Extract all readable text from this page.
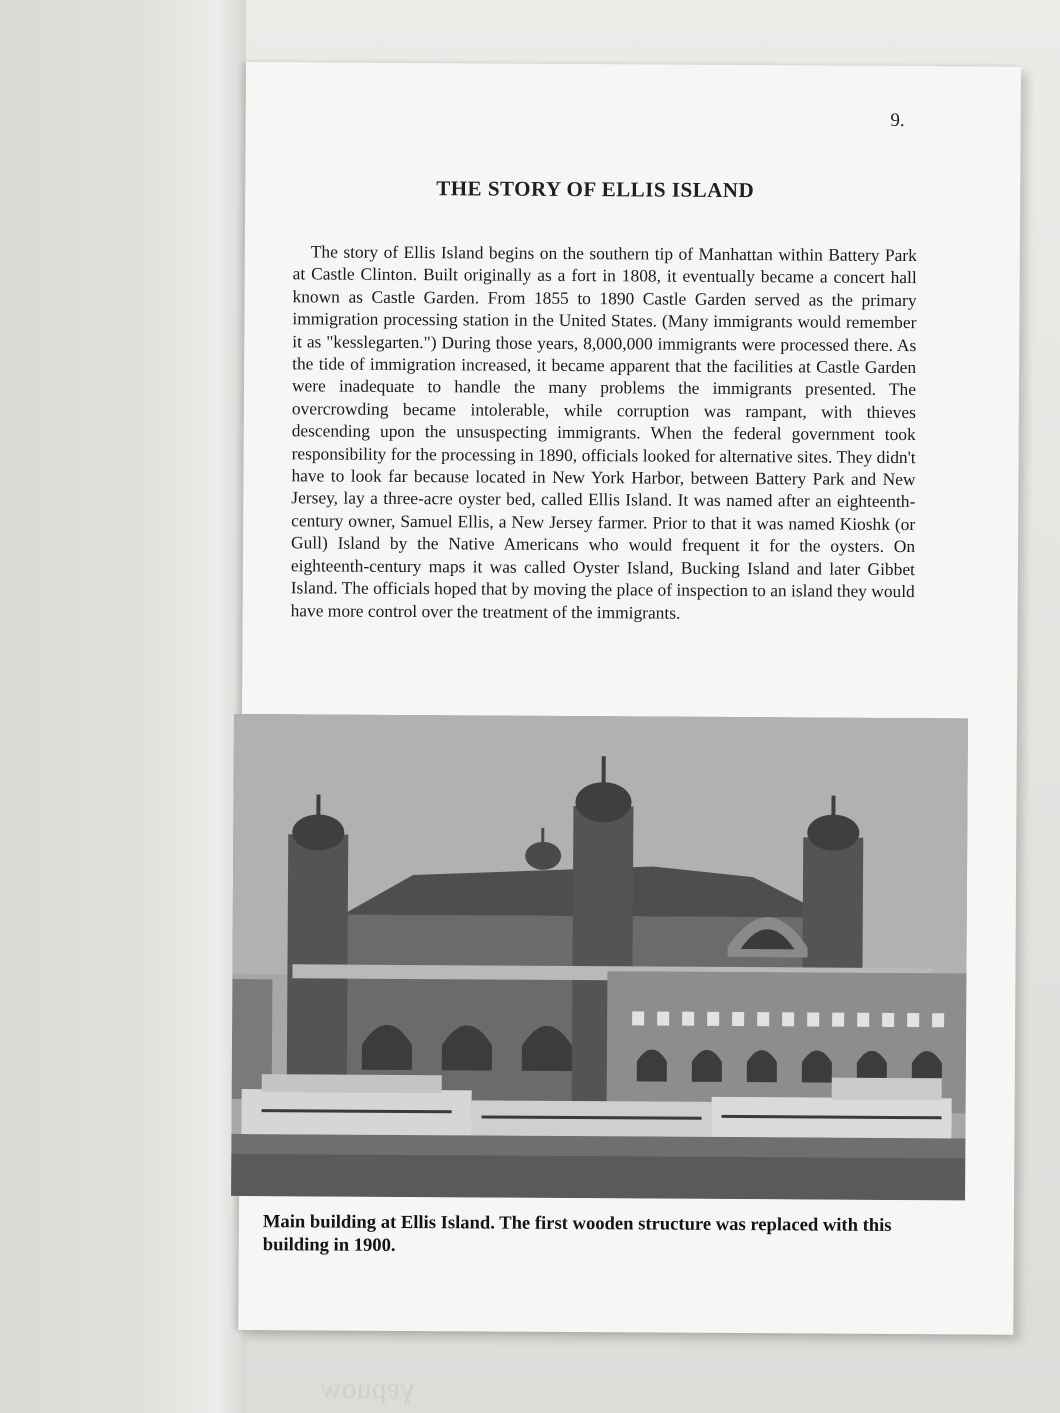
9.
THE STORY OF ELLIS ISLAND
The story of Ellis Island begins on the southern tip of Manhattan within Battery Park at Castle Clinton. Built originally as a fort in 1808, it eventually became a concert hall known as Castle Garden. From 1855 to 1890 Castle Garden served as the primary immigration processing station in the United States. (Many immigrants would remember it as "kesslegarten.") During those years, 8,000,000 immigrants were processed there. As the tide of immigration increased, it became apparent that the facilities at Castle Garden were inadequate to handle the many problems the immigrants presented. The overcrowding became intolerable, while corruption was rampant, with thieves descending upon the unsuspecting immigrants. When the federal government took responsibility for the processing in 1890, officials looked for alternative sites. They didn't have to look far because located in New York Harbor, between Battery Park and New Jersey, lay a three-acre oyster bed, called Ellis Island. It was named after an eighteenth-century owner, Samuel Ellis, a New Jersey farmer. Prior to that it was named Kioshk (or Gull) Island by the Native Americans who would frequent it for the oysters. On eighteenth-century maps it was called Oyster Island, Bucking Island and later Gibbet Island. The officials hoped that by moving the place of inspection to an island they would have more control over the treatment of the immigrants.
Main building at Ellis Island. The first wooden structure was replaced with this building in 1900.
ɣɐpuow
